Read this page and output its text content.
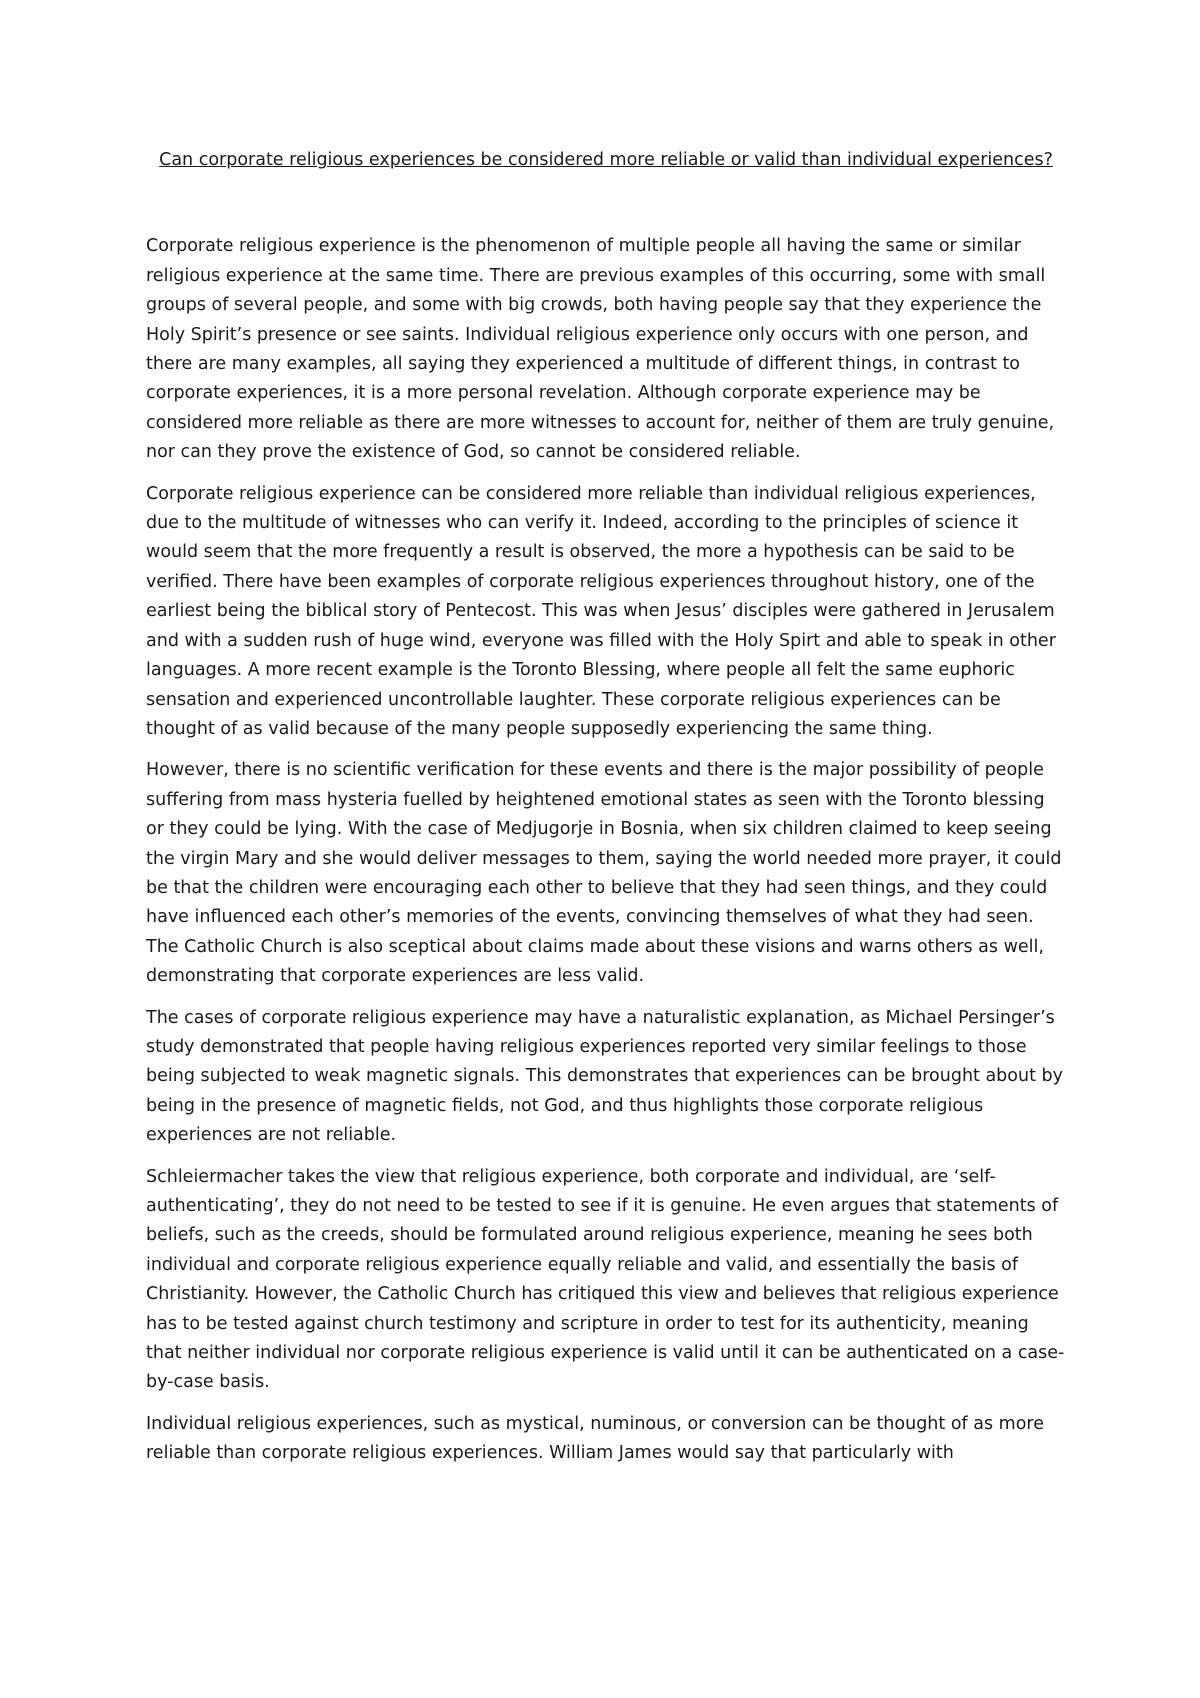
Can corporate religious experiences be considered more reliable or valid than individual experiences?

Corporate religious experience is the phenomenon of multiple people all having the same or similar religious experience at the same time. There are previous examples of this occurring, some with small groups of several people, and some with big crowds, both having people say that they experience the Holy Spirit’s presence or see saints. Individual religious experience only occurs with one person, and there are many examples, all saying they experienced a multitude of different things, in contrast to corporate experiences, it is a more personal revelation. Although corporate experience may be considered more reliable as there are more witnesses to account for, neither of them are truly genuine, nor can they prove the existence of God, so cannot be considered reliable.

Corporate religious experience can be considered more reliable than individual religious experiences, due to the multitude of witnesses who can verify it. Indeed, according to the principles of science it would seem that the more frequently a result is observed, the more a hypothesis can be said to be verified. There have been examples of corporate religious experiences throughout history, one of the earliest being the biblical story of Pentecost. This was when Jesus’ disciples were gathered in Jerusalem and with a sudden rush of huge wind, everyone was filled with the Holy Spirt and able to speak in other languages. A more recent example is the Toronto Blessing, where people all felt the same euphoric sensation and experienced uncontrollable laughter. These corporate religious experiences can be thought of as valid because of the many people supposedly experiencing the same thing.

However, there is no scientific verification for these events and there is the major possibility of people suffering from mass hysteria fuelled by heightened emotional states as seen with the Toronto blessing or they could be lying. With the case of Medjugorje in Bosnia, when six children claimed to keep seeing the virgin Mary and she would deliver messages to them, saying the world needed more prayer, it could be that the children were encouraging each other to believe that they had seen things, and they could have influenced each other’s memories of the events, convincing themselves of what they had seen. The Catholic Church is also sceptical about claims made about these visions and warns others as well, demonstrating that corporate experiences are less valid.

The cases of corporate religious experience may have a naturalistic explanation, as Michael Persinger’s study demonstrated that people having religious experiences reported very similar feelings to those being subjected to weak magnetic signals. This demonstrates that experiences can be brought about by being in the presence of magnetic fields, not God, and thus highlights those corporate religious experiences are not reliable.

Schleiermacher takes the view that religious experience, both corporate and individual, are ‘self-authenticating’, they do not need to be tested to see if it is genuine. He even argues that statements of beliefs, such as the creeds, should be formulated around religious experience, meaning he sees both individual and corporate religious experience equally reliable and valid, and essentially the basis of Christianity. However, the Catholic Church has critiqued this view and believes that religious experience has to be tested against church testimony and scripture in order to test for its authenticity, meaning that neither individual nor corporate religious experience is valid until it can be authenticated on a case-by-case basis.

Individual religious experiences, such as mystical, numinous, or conversion can be thought of as more reliable than corporate religious experiences. William James would say that particularly with
